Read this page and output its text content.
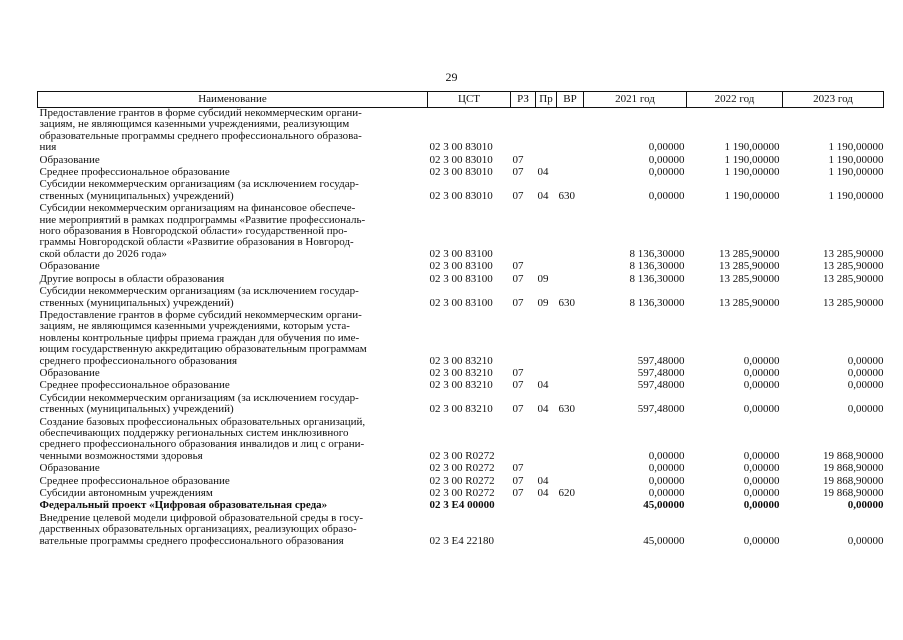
29
Наименование	ЦСТ	РЗ	Пр	ВР	2021 год	2022 год	2023 год
Предоставление грантов в форме субсидий некоммерческим органи-
зациям, не являющимся казенными учреждениями, реализующим
образовательные программы среднего профессионального образова-
ния	02 3 00 83010				0,00000	1 190,00000	1 190,00000
Образование	02 3 00 83010	07			0,00000	1 190,00000	1 190,00000
Среднее профессиональное образование	02 3 00 83010	07	04		0,00000	1 190,00000	1 190,00000
Субсидии некоммерческим организациям (за исключением государ-
ственных (муниципальных) учреждений)	02 3 00 83010	07	04	630	0,00000	1 190,00000	1 190,00000
Субсидии некоммерческим организациям на финансовое обеспече-
ние мероприятий в рамках подпрограммы «Развитие профессиональ-
ного образования в Новгородской области» государственной про-
граммы Новгородской области «Развитие образования в Новгород-
ской области до 2026 года»	02 3 00 83100				8 136,30000	13 285,90000	13 285,90000
Образование	02 3 00 83100	07			8 136,30000	13 285,90000	13 285,90000
Другие вопросы в области образования	02 3 00 83100	07	09		8 136,30000	13 285,90000	13 285,90000
Субсидии некоммерческим организациям (за исключением государ-
ственных (муниципальных) учреждений)	02 3 00 83100	07	09	630	8 136,30000	13 285,90000	13 285,90000
Предоставление грантов в форме субсидий некоммерческим органи-
зациям, не являющимся казенными учреждениями, которым уста-
новлены контрольные цифры приема граждан для обучения по име-
ющим государственную аккредитацию образовательным программам
среднего профессионального образования	02 3 00 83210				597,48000	0,00000	0,00000
Образование	02 3 00 83210	07			597,48000	0,00000	0,00000
Среднее профессиональное образование	02 3 00 83210	07	04		597,48000	0,00000	0,00000
Субсидии некоммерческим организациям (за исключением государ-
ственных (муниципальных) учреждений)	02 3 00 83210	07	04	630	597,48000	0,00000	0,00000
Создание базовых профессиональных образовательных организаций,
обеспечивающих поддержку региональных систем инклюзивного
среднего профессионального образования инвалидов и лиц с ограни-
ченными возможностями здоровья	02 3 00 R0272				0,00000	0,00000	19 868,90000
Образование	02 3 00 R0272	07			0,00000	0,00000	19 868,90000
Среднее профессиональное образование	02 3 00 R0272	07	04		0,00000	0,00000	19 868,90000
Субсидии автономным учреждениям	02 3 00 R0272	07	04	620	0,00000	0,00000	19 868,90000
Федеральный проект «Цифровая образовательная среда»	02 3 E4 00000				45,00000	0,00000	0,00000
Внедрение целевой модели цифровой образовательной среды в госу-
дарственных образовательных организациях, реализующих образо-
вательные программы среднего профессионального образования	02 3 E4 22180				45,00000	0,00000	0,00000
